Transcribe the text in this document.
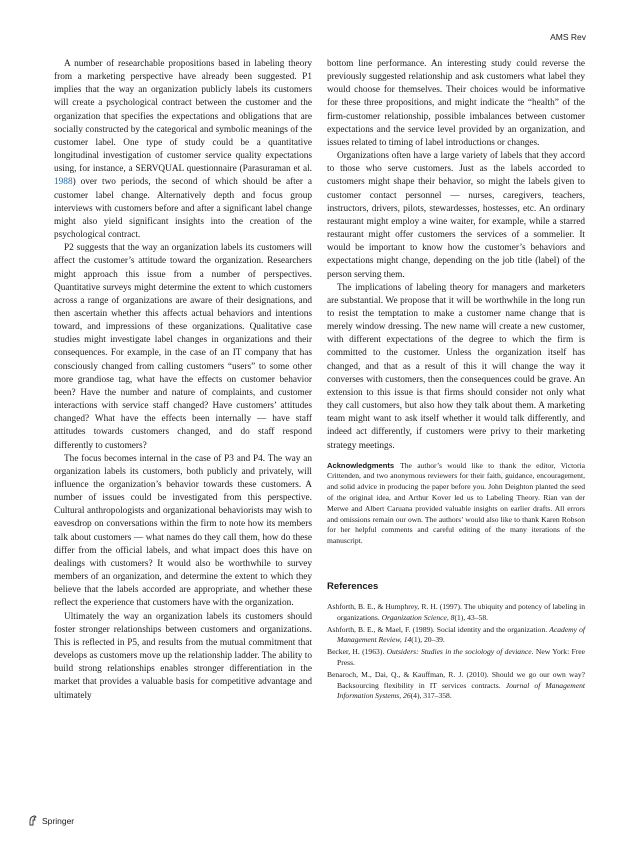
AMS Rev

A number of researchable propositions based in labeling theory from a marketing perspective have already been suggested. P1 implies that the way an organization publicly labels its customers will create a psychological contract between the customer and the organization that specifies the expectations and obligations that are socially constructed by the categorical and symbolic meanings of the customer label. One type of study could be a quantitative longitudinal investigation of customer service quality expectations using, for instance, a SERVQUAL questionnaire (Parasuraman et al. 1988) over two periods, the second of which should be after a customer label change. Alternatively depth and focus group interviews with customers before and after a significant label change might also yield significant insights into the creation of the psychological contract.

P2 suggests that the way an organization labels its customers will affect the customer’s attitude toward the organization. Researchers might approach this issue from a number of perspectives. Quantitative surveys might determine the extent to which customers across a range of organizations are aware of their designations, and then ascertain whether this affects actual behaviors and intentions toward, and impressions of these organizations. Qualitative case studies might investigate label changes in organizations and their consequences. For example, in the case of an IT company that has consciously changed from calling customers “users” to some other more grandiose tag, what have the effects on customer behavior been? Have the number and nature of complaints, and customer interactions with service staff changed? Have customers’ attitudes changed? What have the effects been internally — have staff attitudes towards customers changed, and do staff respond differently to customers?

The focus becomes internal in the case of P3 and P4. The way an organization labels its customers, both publicly and privately, will influence the organization’s behavior towards these customers. A number of issues could be investigated from this perspective. Cultural anthropologists and organizational behaviorists may wish to eavesdrop on conversations within the firm to note how its members talk about customers — what names do they call them, how do these differ from the official labels, and what impact does this have on dealings with customers? It would also be worthwhile to survey members of an organization, and determine the extent to which they believe that the labels accorded are appropriate, and whether these reflect the experience that customers have with the organization.

Ultimately the way an organization labels its customers should foster stronger relationships between customers and organizations. This is reflected in P5, and results from the mutual commitment that develops as customers move up the relationship ladder. The ability to build strong relationships enables stronger differentiation in the market that provides a valuable basis for competitive advantage and ultimately

bottom line performance. An interesting study could reverse the previously suggested relationship and ask customers what label they would choose for themselves. Their choices would be informative for these three propositions, and might indicate the “health” of the firm-customer relationship, possible imbalances between customer expectations and the service level provided by an organization, and issues related to timing of label introductions or changes.

Organizations often have a large variety of labels that they accord to those who serve customers. Just as the labels accorded to customers might shape their behavior, so might the labels given to customer contact personnel — nurses, caregivers, teachers, instructors, drivers, pilots, stewardesses, hostesses, etc. An ordinary restaurant might employ a wine waiter, for example, while a starred restaurant might offer customers the services of a sommelier. It would be important to know how the customer’s behaviors and expectations might change, depending on the job title (label) of the person serving them.

The implications of labeling theory for managers and marketers are substantial. We propose that it will be worthwhile in the long run to resist the temptation to make a customer name change that is merely window dressing. The new name will create a new customer, with different expectations of the degree to which the firm is committed to the customer. Unless the organization itself has changed, and that as a result of this it will change the way it converses with customers, then the consequences could be grave. An extension to this issue is that firms should consider not only what they call customers, but also how they talk about them. A marketing team might want to ask itself whether it would talk differently, and indeed act differently, if customers were privy to their marketing strategy meetings.

Acknowledgments The author’s would like to thank the editor, Victoria Crittenden, and two anonymous reviewers for their faith, guidance, encouragement, and solid advice in producing the paper before you. John Deighton planted the seed of the original idea, and Arthur Kover led us to Labeling Theory. Rian van der Merwe and Albert Caruana provided valuable insights on earlier drafts. All errors and omissions remain our own. The authors’ would also like to thank Karen Robson for her helpful comments and careful editing of the many iterations of the manuscript.
References

Ashforth, B. E., & Humphrey, R. H. (1997). The ubiquity and potency of labeling in organizations. Organization Science, 8(1), 43–58.

Ashforth, B. E., & Mael, F. (1989). Social identity and the organization. Academy of Management Review, 14(1), 20–39.

Becker, H. (1963). Outsiders: Studies in the sociology of deviance. New York: Free Press.

Benaroch, M., Dai, Q., & Kauffman, R. J. (2010). Should we go our own way? Backsourcing flexibility in IT services contracts. Journal of Management Information Systems, 26(4), 317–358.

Springer
